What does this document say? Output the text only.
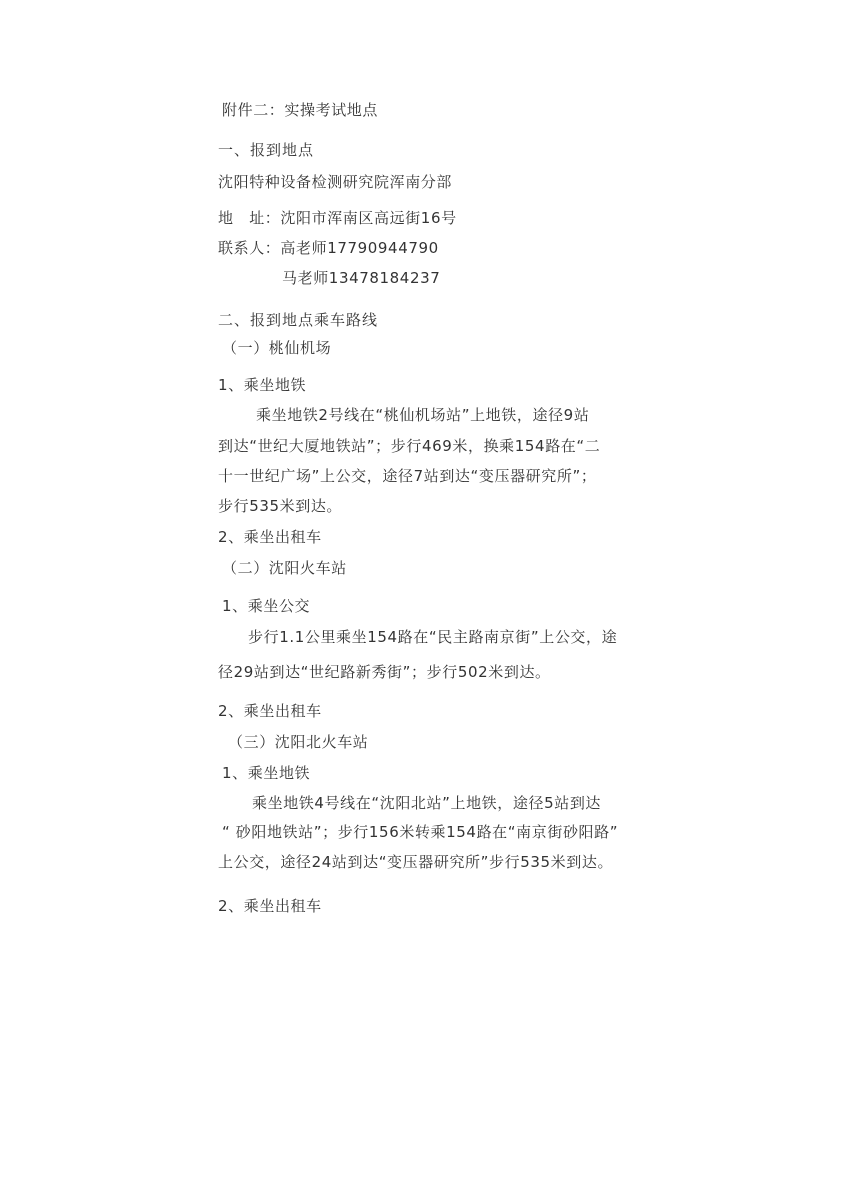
附件二：实操考试地点
一、报到地点
沈阳特种设备检测研究院浑南分部
地　址：沈阳市浑南区高远街16号
联系人：高老师17790944790
马老师13478184237
二、报到地点乘车路线
（一）桃仙机场
1、乘坐地铁
乘坐地铁2号线在“桃仙机场站”上地铁，途径9站
到达“世纪大厦地铁站”；步行469米，换乘154路在“二
十一世纪广场”上公交，途径7站到达“变压器研究所”；
步行535米到达。
2、乘坐出租车
（二）沈阳火车站
1、乘坐公交
步行1.1公里乘坐154路在“民主路南京街”上公交，途
径29站到达“世纪路新秀街”；步行502米到达。
2、乘坐出租车
（三）沈阳北火车站
1、乘坐地铁
乘坐地铁4号线在“沈阳北站”上地铁，途径5站到达
“ 砂阳地铁站”；步行156米转乘154路在“南京街砂阳路”
上公交，途径24站到达“变压器研究所”步行535米到达。
2、乘坐出租车
